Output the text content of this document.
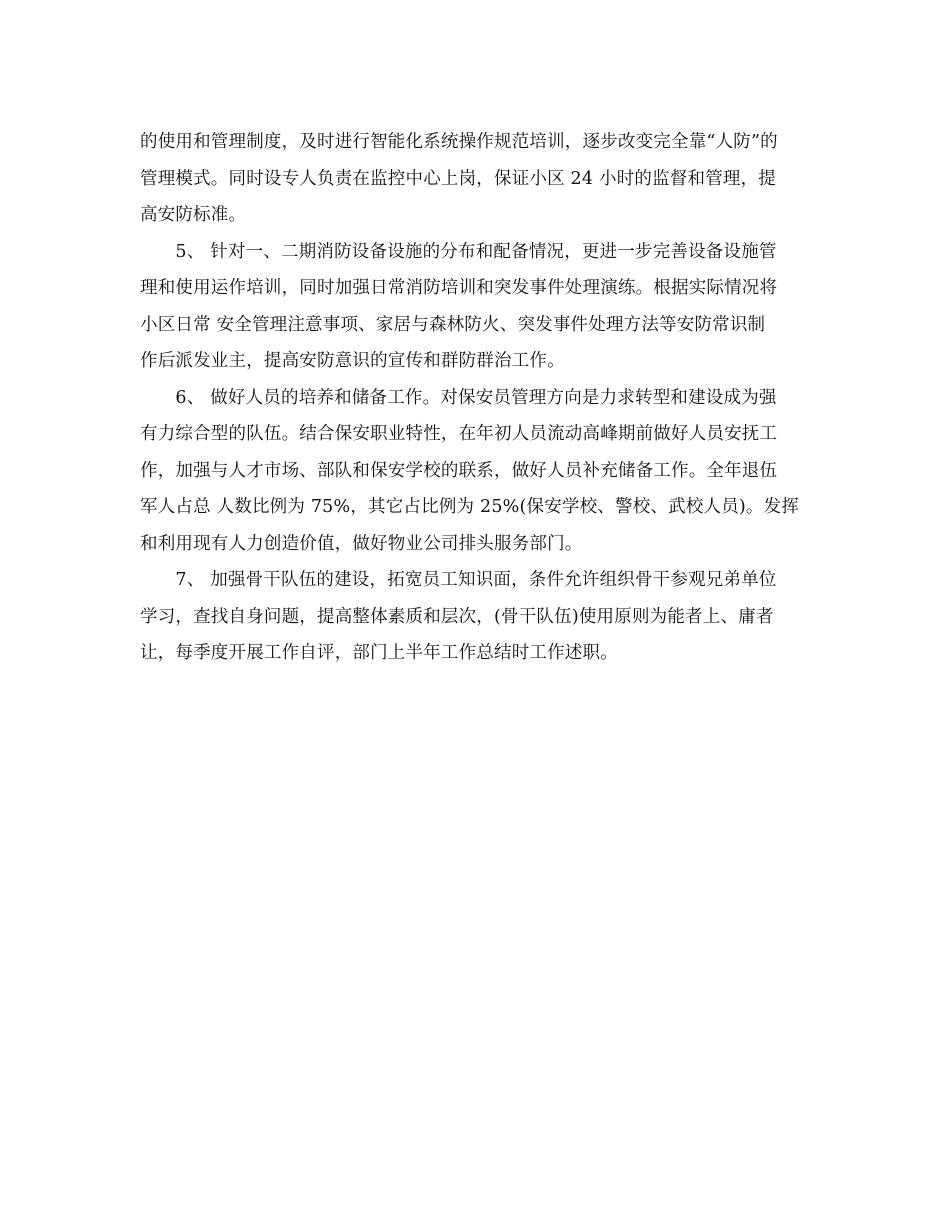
的使用和管理制度，及时进行智能化系统操作规范培训，逐步改变完全靠“人防”的
管理模式。同时设专人负责在监控中心上岗，保证小区 24 小时的监督和管理，提
高安防标准。
　　5、 针对一、二期消防设备设施的分布和配备情况，更进一步完善设备设施管
理和使用运作培训，同时加强日常消防培训和突发事件处理演练。根据实际情况将
小区日常 安全管理注意事项、家居与森林防火、突发事件处理方法等安防常识制
作后派发业主，提高安防意识的宣传和群防群治工作。
　　6、 做好人员的培养和储备工作。对保安员管理方向是力求转型和建设成为强
有力综合型的队伍。结合保安职业特性，在年初人员流动高峰期前做好人员安抚工
作，加强与人才市场、部队和保安学校的联系，做好人员补充储备工作。全年退伍
军人占总 人数比例为 75%，其它占比例为 25%(保安学校、警校、武校人员)。发挥
和利用现有人力创造价值，做好物业公司排头服务部门。
　　7、 加强骨干队伍的建设，拓宽员工知识面，条件允许组织骨干参观兄弟单位
学习，查找自身问题，提高整体素质和层次，(骨干队伍)使用原则为能者上、庸者
让，每季度开展工作自评，部门上半年工作总结时工作述职。
